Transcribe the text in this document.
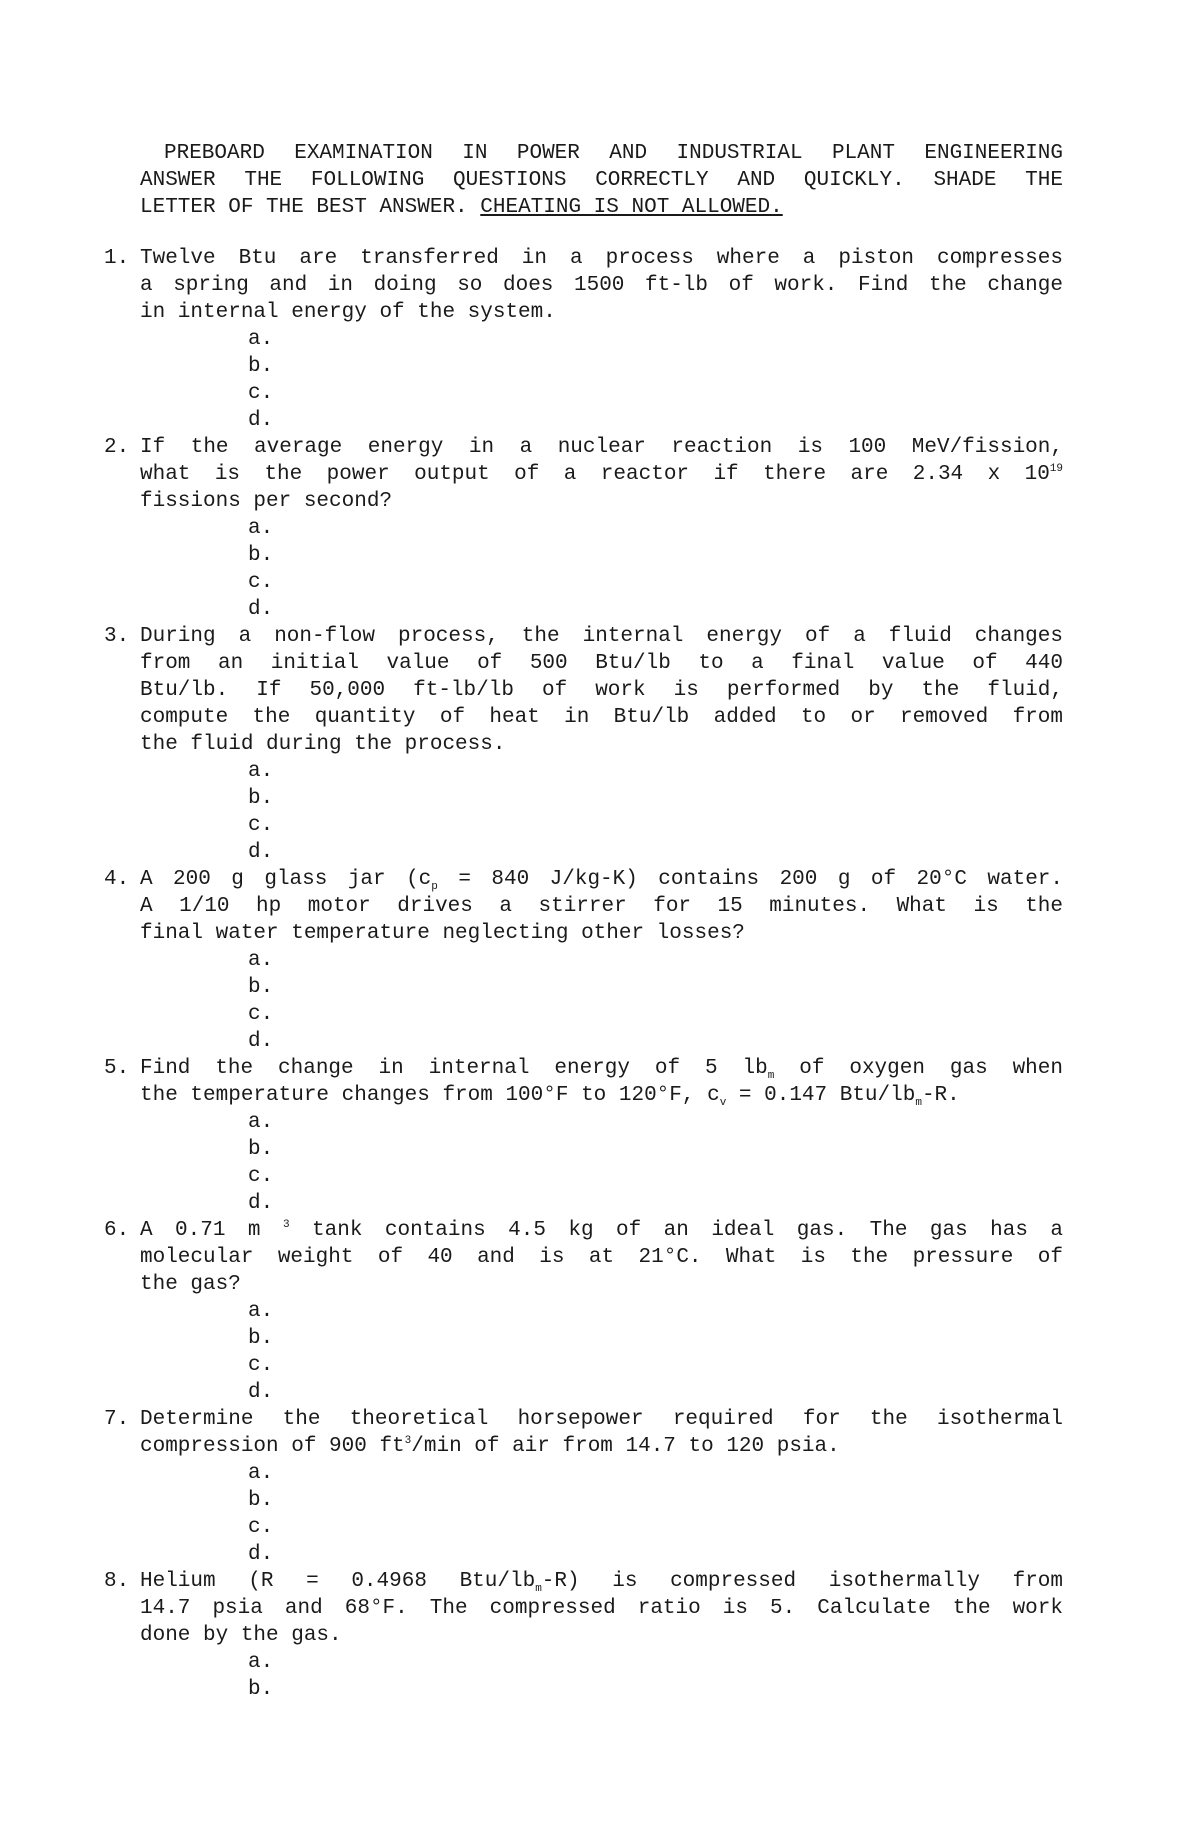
PREBOARD EXAMINATION IN POWER AND INDUSTRIAL PLANT ENGINEERING
ANSWER THE FOLLOWING QUESTIONS CORRECTLY AND QUICKLY. SHADE THE
LETTER OF THE BEST ANSWER. CHEATING IS NOT ALLOWED.
1. Twelve Btu are transferred in a process where a piston compresses
a spring and in doing so does 1500 ft-lb of work. Find the change
in internal energy of the system.
a.
b.
c.
d.
2. If the average energy in a nuclear reaction is 100 MeV/fission,
what is the power output of a reactor if there are 2.34 x $10^{19}$
fissions per second?
a.
b.
c.
d.
3. During a non-flow process, the internal energy of a fluid changes
from an initial value of 500 Btu/lb to a final value of 440
Btu/lb. If 50,000 ft-lb/lb of work is performed by the fluid,
compute the quantity of heat in Btu/lb added to or removed from
the fluid during the process.
a.
b.
c.
d.
4. A 200 g glass jar ($c_p = 840$ J/kg-K) contains 200 g of 20°C water.
A 1/10 hp motor drives a stirrer for 15 minutes. What is the
final water temperature neglecting other losses?
a.
b.
c.
d.
5. Find the change in internal energy of 5 $lb_m$ of oxygen gas when
the temperature changes from 100°F to 120°F, $c_v = 0.147$ Btu/$lb_m-R$.
a.
b.
c.
d.
6. A 0.71 m $^3$ tank contains 4.5 kg of an ideal gas. The gas has a
molecular weight of 40 and is at 21°C. What is the pressure of
the gas?
a.
b.
c.
d.
7. Determine the theoretical horsepower required for the isothermal
compression of 900 $ft^3/\min$ of air from 14.7 to 120 psia.
a.
b.
c.
d.
8. Helium (R = 0.4968 Btu/$lb_m-R$) is compressed isothermally from
14.7 psia and 68°F. The compressed ratio is 5. Calculate the work
done by the gas.
a.
b.
